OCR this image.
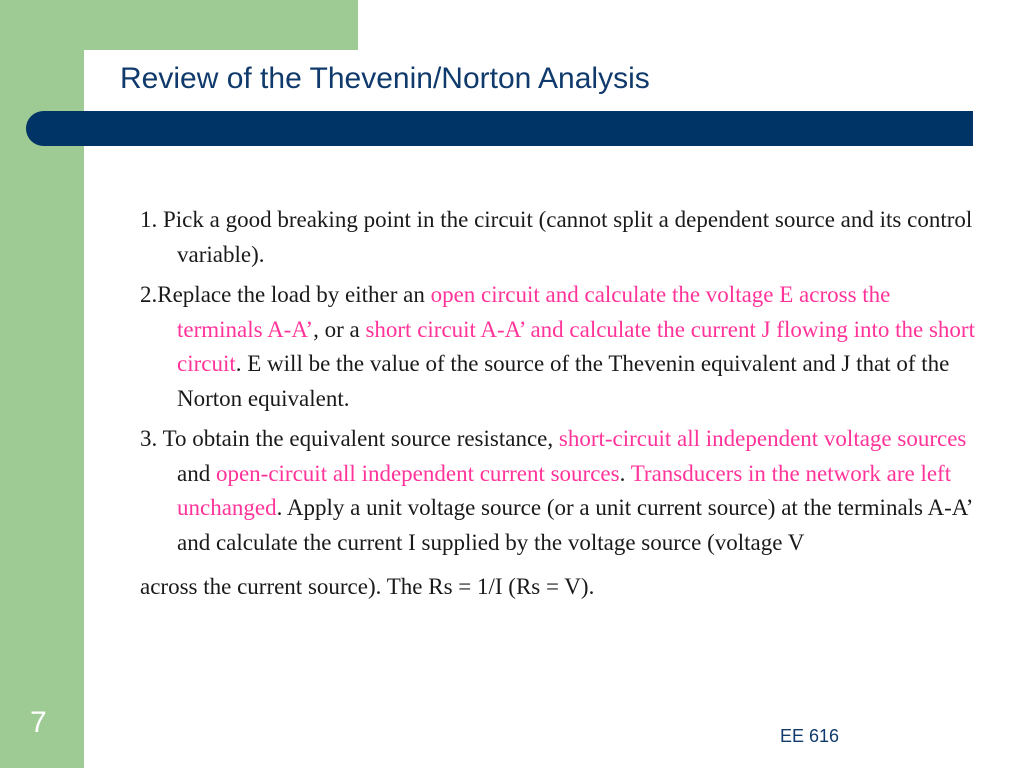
Review of the Thevenin/Norton Analysis

1. Pick a good breaking point in the circuit (cannot split a dependent source and its control variable).

2.Replace the load by either an open circuit and calculate the voltage E across the terminals A-A’, or a short circuit A-A’ and calculate the current J flowing into the short circuit. E will be the value of the source of the Thevenin equivalent and J that of the Norton equivalent.

3. To obtain the equivalent source resistance, short-circuit all independent voltage sources and open-circuit all independent current sources. Transducers in the network are left unchanged. Apply a unit voltage source (or a unit current source) at the terminals A-A’ and calculate the current I supplied by the voltage source (voltage V
across the current source). The Rs = 1/I (Rs = V).

7	EE 616
